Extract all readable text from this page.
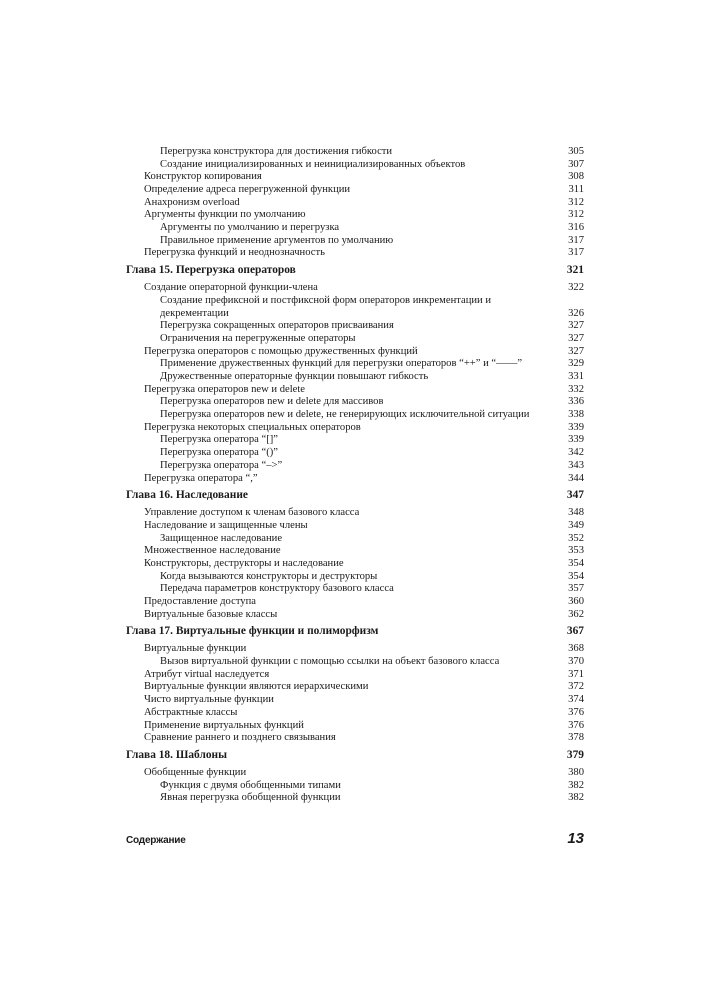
Перегрузка конструктора для достижения гибкости	305
Создание инициализированных и неинициализированных объектов	307
Конструктор копирования	308
Определение адреса перегруженной функции	311
Анахронизм overload	312
Аргументы функции по умолчанию	312
Аргументы по умолчанию и перегрузка	316
Правильное применение аргументов по умолчанию	317
Перегрузка функций и неоднозначность	317
Глава 15. Перегрузка операторов	321
Создание операторной функции-члена	322
Создание префиксной и постфиксной форм операторов инкрементации и декрементации	326
Перегрузка сокращенных операторов присваивания	327
Ограничения на перегруженные операторы	327
Перегрузка операторов с помощью дружественных функций	327
Применение дружественных функций для перегрузки операторов “++” и “——”	329
Дружественные операторные функции повышают гибкость	331
Перегрузка операторов new и delete	332
Перегрузка операторов new и delete для массивов	336
Перегрузка операторов new и delete, не генерирующих исключительной ситуации	338
Перегрузка некоторых специальных операторов	339
Перегрузка оператора “[]”	339
Перегрузка оператора “()”	342
Перегрузка оператора “–>”	343
Перегрузка оператора “,”	344
Глава 16. Наследование	347
Управление доступом к членам базового класса	348
Наследование и защищенные члены	349
Защищенное наследование	352
Множественное наследование	353
Конструкторы, деструкторы и наследование	354
Когда вызываются конструкторы и деструкторы	354
Передача параметров конструктору базового класса	357
Предоставление доступа	360
Виртуальные базовые классы	362
Глава 17. Виртуальные функции и полиморфизм	367
Виртуальные функции	368
Вызов виртуальной функции с помощью ссылки на объект базового класса	370
Атрибут virtual наследуется	371
Виртуальные функции являются иерархическими	372
Чисто виртуальные функции	374
Абстрактные классы	376
Применение виртуальных функций	376
Сравнение раннего и позднего связывания	378
Глава 18. Шаблоны	379
Обобщенные функции	380
Функция с двумя обобщенными типами	382
Явная перегрузка обобщенной функции	382
Содержание	13
